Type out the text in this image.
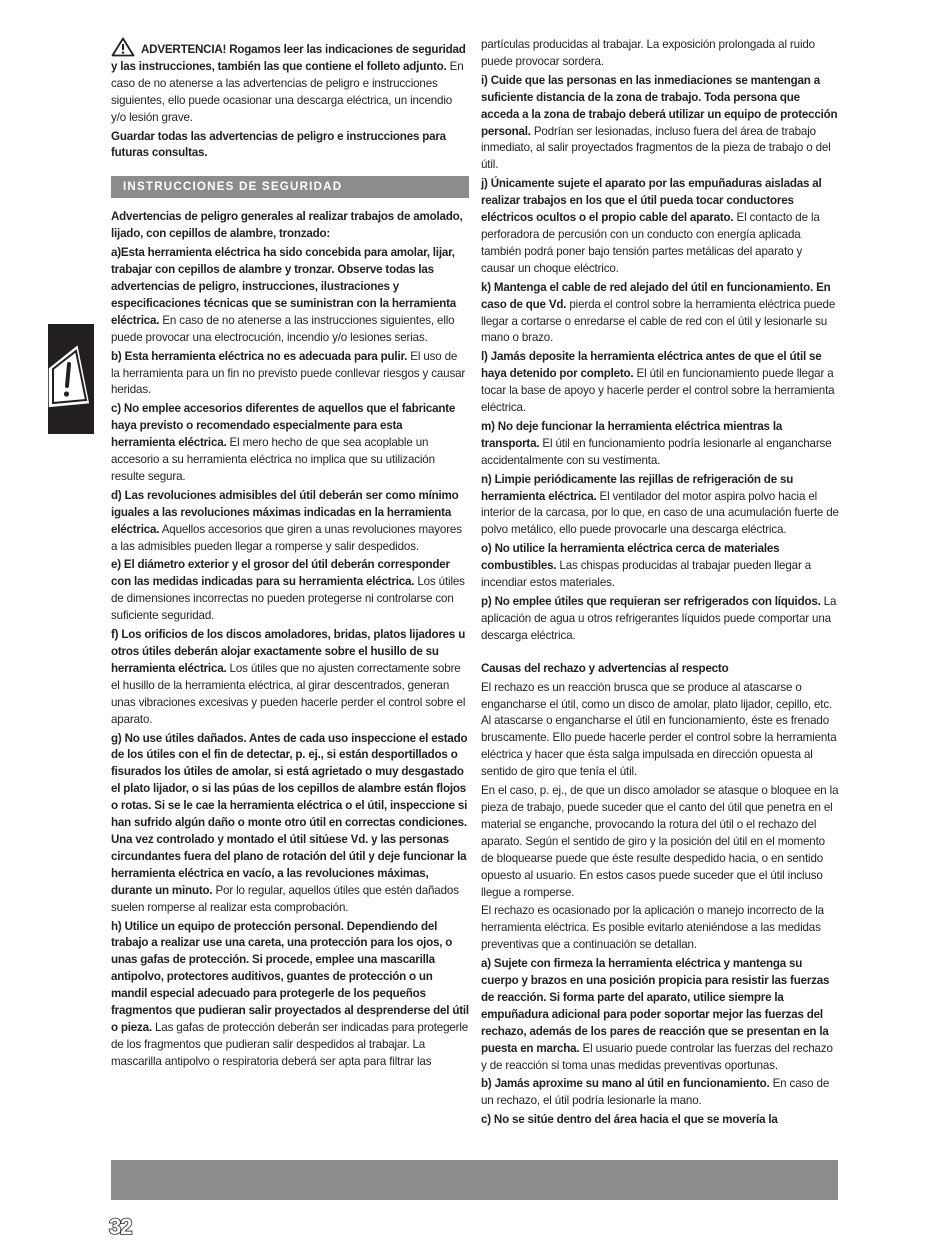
ADVERTENCIA! Rogamos leer las indicaciones de seguridad y las instrucciones, también las que contiene el folleto adjunto. En caso de no atenerse a las advertencias de peligro e instrucciones siguientes, ello puede ocasionar una descarga eléctrica, un incendio y/o lesión grave.

Guardar todas las advertencias de peligro e instrucciones para futuras consultas.

INSTRUCCIONES DE SEGURIDAD

Advertencias de peligro generales al realizar trabajos de amolado, lijado, con cepillos de alambre, tronzado:

a)Esta herramienta eléctrica ha sido concebida para amolar, lijar, trabajar con cepillos de alambre y tronzar. Observe todas las advertencias de peligro, instrucciones, ilustraciones y especificaciones técnicas que se suministran con la herramienta eléctrica. En caso de no atenerse a las instrucciones siguientes, ello puede provocar una electrocución, incendio y/o lesiones serias.

b) Esta herramienta eléctrica no es adecuada para pulir. El uso de la herramienta para un fin no previsto puede conllevar riesgos y causar heridas.

c) No emplee accesorios diferentes de aquellos que el fabricante haya previsto o recomendado especialmente para esta herramienta eléctrica. El mero hecho de que sea acoplable un accesorio a su herramienta eléctrica no implica que su utilización resulte segura.

d) Las revoluciones admisibles del útil deberán ser como mínimo iguales a las revoluciones máximas indicadas en la herramienta eléctrica. Aquellos accesorios que giren a unas revoluciones mayores a las admisibles pueden llegar a romperse y salir despedidos.

e) El diámetro exterior y el grosor del útil deberán corresponder con las medidas indicadas para su herramienta eléctrica. Los útiles de dimensiones incorrectas no pueden protegerse ni controlarse con suficiente seguridad.

f) Los orificios de los discos amoladores, bridas, platos lijadores u otros útiles deberán alojar exactamente sobre el husillo de su herramienta eléctrica. Los útiles que no ajusten correctamente sobre el husillo de la herramienta eléctrica, al girar descentrados, generan unas vibraciones excesivas y pueden hacerle perder el control sobre el aparato.

g) No use útiles dañados. Antes de cada uso inspeccione el estado de los útiles con el fin de detectar, p. ej., si están desportillados o fisurados los útiles de amolar, si está agrietado o muy desgastado el plato lijador, o si las púas de los cepillos de alambre están flojos o rotas. Si se le cae la herramienta eléctrica o el útil, inspeccione si han sufrido algún daño o monte otro útil en correctas condiciones. Una vez controlado y montado el útil sitúese Vd. y las personas circundantes fuera del plano de rotación del útil y deje funcionar la herramienta eléctrica en vacío, a las revoluciones máximas, durante un minuto. Por lo regular, aquellos útiles que estén dañados suelen romperse al realizar esta comprobación.

h) Utilice un equipo de protección personal. Dependiendo del trabajo a realizar use una careta, una protección para los ojos, o unas gafas de protección. Si procede, emplee una mascarilla antipolvo, protectores auditivos, guantes de protección o un mandil especial adecuado para protegerle de los pequeños fragmentos que pudieran salir proyectados al desprenderse del útil o pieza. Las gafas de protección deberán ser indicadas para protegerle de los fragmentos que pudieran salir despedidos al trabajar. La mascarilla antipolvo o respiratoria deberá ser apta para filtrar las

partículas producidas al trabajar. La exposición prolongada al ruido puede provocar sordera.

i) Cuide que las personas en las inmediaciones se mantengan a suficiente distancia de la zona de trabajo. Toda persona que acceda a la zona de trabajo deberá utilizar un equipo de protección personal. Podrían ser lesionadas, incluso fuera del área de trabajo inmediato, al salir proyectados fragmentos de la pieza de trabajo o del útil.

j) Únicamente sujete el aparato por las empuñaduras aisladas al realizar trabajos en los que el útil pueda tocar conductores eléctricos ocultos o el propio cable del aparato. El contacto de la perforadora de percusión con un conducto con energía aplicada también podrá poner bajo tensión partes metálicas del aparato y causar un choque eléctrico.

k) Mantenga el cable de red alejado del útil en funcionamiento. En caso de que Vd. pierda el control sobre la herramienta eléctrica puede llegar a cortarse o enredarse el cable de red con el útil y lesionarle su mano o brazo.

l) Jamás deposite la herramienta eléctrica antes de que el útil se haya detenido por completo. El útil en funcionamiento puede llegar a tocar la base de apoyo y hacerle perder el control sobre la herramienta eléctrica.

m) No deje funcionar la herramienta eléctrica mientras la transporta. El útil en funcionamiento podría lesionarle al engancharse accidentalmente con su vestimenta.

n) Limpie periódicamente las rejillas de refrigeración de su herramienta eléctrica. El ventilador del motor aspira polvo hacia el interior de la carcasa, por lo que, en caso de una acumulación fuerte de polvo metálico, ello puede provocarle una descarga eléctrica.

o) No utilice la herramienta eléctrica cerca de materiales combustibles. Las chispas producidas al trabajar pueden llegar a incendiar estos materiales.

p) No emplee útiles que requieran ser refrigerados con líquidos. La aplicación de agua u otros refrigerantes líquidos puede comportar una descarga eléctrica.

Causas del rechazo y advertencias al respecto

El rechazo es un reacción brusca que se produce al atascarse o engancharse el útil, como un disco de amolar, plato lijador, cepillo, etc. Al atascarse o engancharse el útil en funcionamiento, éste es frenado bruscamente. Ello puede hacerle perder el control sobre la herramienta eléctrica y hacer que ésta salga impulsada en dirección opuesta al sentido de giro que tenía el útil.

En el caso, p. ej., de que un disco amolador se atasque o bloquee en la pieza de trabajo, puede suceder que el canto del útil que penetra en el material se enganche, provocando la rotura del útil o el rechazo del aparato. Según el sentido de giro y la posición del útil en el momento de bloquearse puede que éste resulte despedido hacia, o en sentido opuesto al usuario. En estos casos puede suceder que el útil incluso llegue a romperse.

El rechazo es ocasionado por la aplicación o manejo incorrecto de la herramienta eléctrica. Es posible evitarlo ateniéndose a las medidas preventivas que a continuación se detallan.

a) Sujete con firmeza la herramienta eléctrica y mantenga su cuerpo y brazos en una posición propicia para resistir las fuerzas de reacción. Si forma parte del aparato, utilice siempre la empuñadura adicional para poder soportar mejor las fuerzas del rechazo, además de los pares de reacción que se presentan en la puesta en marcha. El usuario puede controlar las fuerzas del rechazo y de reacción si toma unas medidas preventivas oportunas.

b) Jamás aproxime su mano al útil en funcionamiento. En caso de un rechazo, el útil podría lesionarle la mano.

c) No se sitúe dentro del área hacia el que se movería la

32
